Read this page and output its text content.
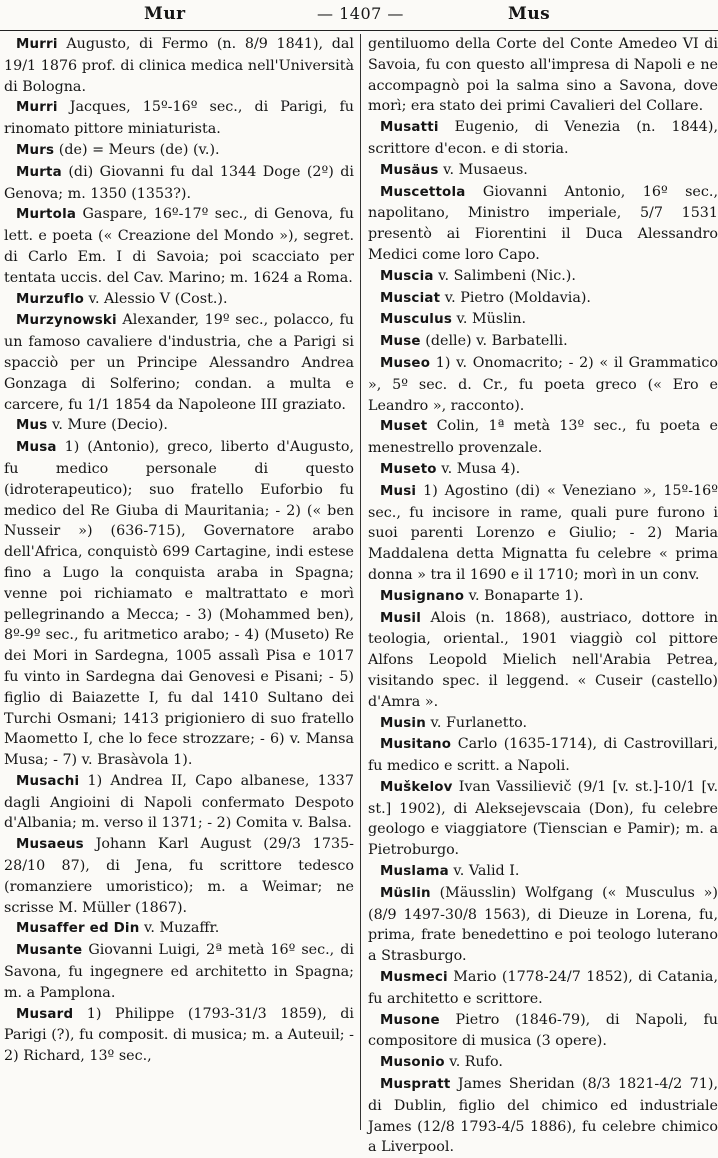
Mur	— 1407 —	Mus

Murri Augusto, di Fermo (n. 8/9 1841), dal 19/1 1876 prof. di clinica medica nell'Università di Bologna.

Murri Jacques, 15º-16º sec., di Parigi, fu rinomato pittore miniaturista.

Murs (de) = Meurs (de) (v.).

Murta (di) Giovanni fu dal 1344 Doge (2º) di Genova; m. 1350 (1353?).

Murtola Gaspare, 16º-17º sec., di Genova, fu lett. e poeta (« Creazione del Mondo »), segret. di Carlo Em. I di Savoia; poi scacciato per tentata uccis. del Cav. Marino; m. 1624 a Roma.

Murzuflo v. Alessio V (Cost.).

Murzynowski Alexander, 19º sec., polacco, fu un famoso cavaliere d'industria, che a Parigi si spacciò per un Principe Alessandro Andrea Gonzaga di Solferino; condan. a multa e carcere, fu 1/1 1854 da Napoleone III graziato.

Mus v. Mure (Decio).

Musa 1) (Antonio), greco, liberto d'Augusto, fu medico personale di questo (idroterapeutico); suo fratello Euforbio fu medico del Re Giuba di Mauritania; - 2) (« ben Nusseir ») (636-715), Governatore arabo dell'Africa, conquistò 699 Cartagine, indi estese fino a Lugo la conquista araba in Spagna; venne poi richiamato e maltrattato e morì pellegrinando a Mecca; - 3) (Mohammed ben), 8º-9º sec., fu aritmetico arabo; - 4) (Museto) Re dei Mori in Sardegna, 1005 assalì Pisa e 1017 fu vinto in Sardegna dai Genovesi e Pisani; - 5) figlio di Baiazette I, fu dal 1410 Sultano dei Turchi Osmani; 1413 prigioniero di suo fratello Maometto I, che lo fece strozzare; - 6) v. Mansa Musa; - 7) v. Brasàvola 1).

Musachi 1) Andrea II, Capo albanese, 1337 dagli Angioini di Napoli confermato Despoto d'Albania; m. verso il 1371; - 2) Comita v. Balsa.

Musaeus Johann Karl August (29/3 1735-28/10 87), di Jena, fu scrittore tedesco (romanziere umoristico); m. a Weimar; ne scrisse M. Müller (1867).

Musaffer ed Din v. Muzaffr.

Musante Giovanni Luigi, 2ª metà 16º sec., di Savona, fu ingegnere ed architetto in Spagna; m. a Pamplona.

Musard 1) Philippe (1793-31/3 1859), di Parigi (?), fu composit. di musica; m. a Auteuil; - 2) Richard, 13º sec.,

gentiluomo della Corte del Conte Amedeo VI di Savoia, fu con questo all'impresa di Napoli e ne accompagnò poi la salma sino a Savona, dove morì; era stato dei primi Cavalieri del Collare.

Musatti Eugenio, di Venezia (n. 1844), scrittore d'econ. e di storia.

Musäus v. Musaeus.

Muscettola Giovanni Antonio, 16º sec., napolitano, Ministro imperiale, 5/7 1531 presentò ai Fiorentini il Duca Alessandro Medici come loro Capo.

Muscia v. Salimbeni (Nic.).

Musciat v. Pietro (Moldavia).

Musculus v. Müslin.

Muse (delle) v. Barbatelli.

Museo 1) v. Onomacrito; - 2) « il Grammatico », 5º sec. d. Cr., fu poeta greco (« Ero e Leandro », racconto).

Muset Colin, 1ª metà 13º sec., fu poeta e menestrello provenzale.

Museto v. Musa 4).

Musi 1) Agostino (di) « Veneziano », 15º-16º sec., fu incisore in rame, quali pure furono i suoi parenti Lorenzo e Giulio; - 2) Maria Maddalena detta Mignatta fu celebre « prima donna » tra il 1690 e il 1710; morì in un conv.

Musignano v. Bonaparte 1).

Musil Alois (n. 1868), austriaco, dottore in teologia, oriental., 1901 viaggiò col pittore Alfons Leopold Mielich nell'Arabia Petrea, visitando spec. il leggend. « Cuseir (castello) d'Amra ».

Musin v. Furlanetto.

Musitano Carlo (1635-1714), di Castrovillari, fu medico e scritt. a Napoli.

Muškelov Ivan Vassilievič (9/1 [v. st.]-10/1 [v. st.] 1902), di Aleksejevscaia (Don), fu celebre geologo e viaggiatore (Tienscian e Pamir); m. a Pietroburgo.

Muslama v. Valid I.

Müslin (Mäusslin) Wolfgang (« Musculus ») (8/9 1497-30/8 1563), di Dieuze in Lorena, fu, prima, frate benedettino e poi teologo luterano a Strasburgo.

Musmeci Mario (1778-24/7 1852), di Catania, fu architetto e scrittore.

Musone Pietro (1846-79), di Napoli, fu compositore di musica (3 opere).

Musonio v. Rufo.

Muspratt James Sheridan (8/3 1821-4/2 71), di Dublin, figlio del chimico ed industriale James (12/8 1793-4/5 1886), fu celebre chimico a Liverpool.
